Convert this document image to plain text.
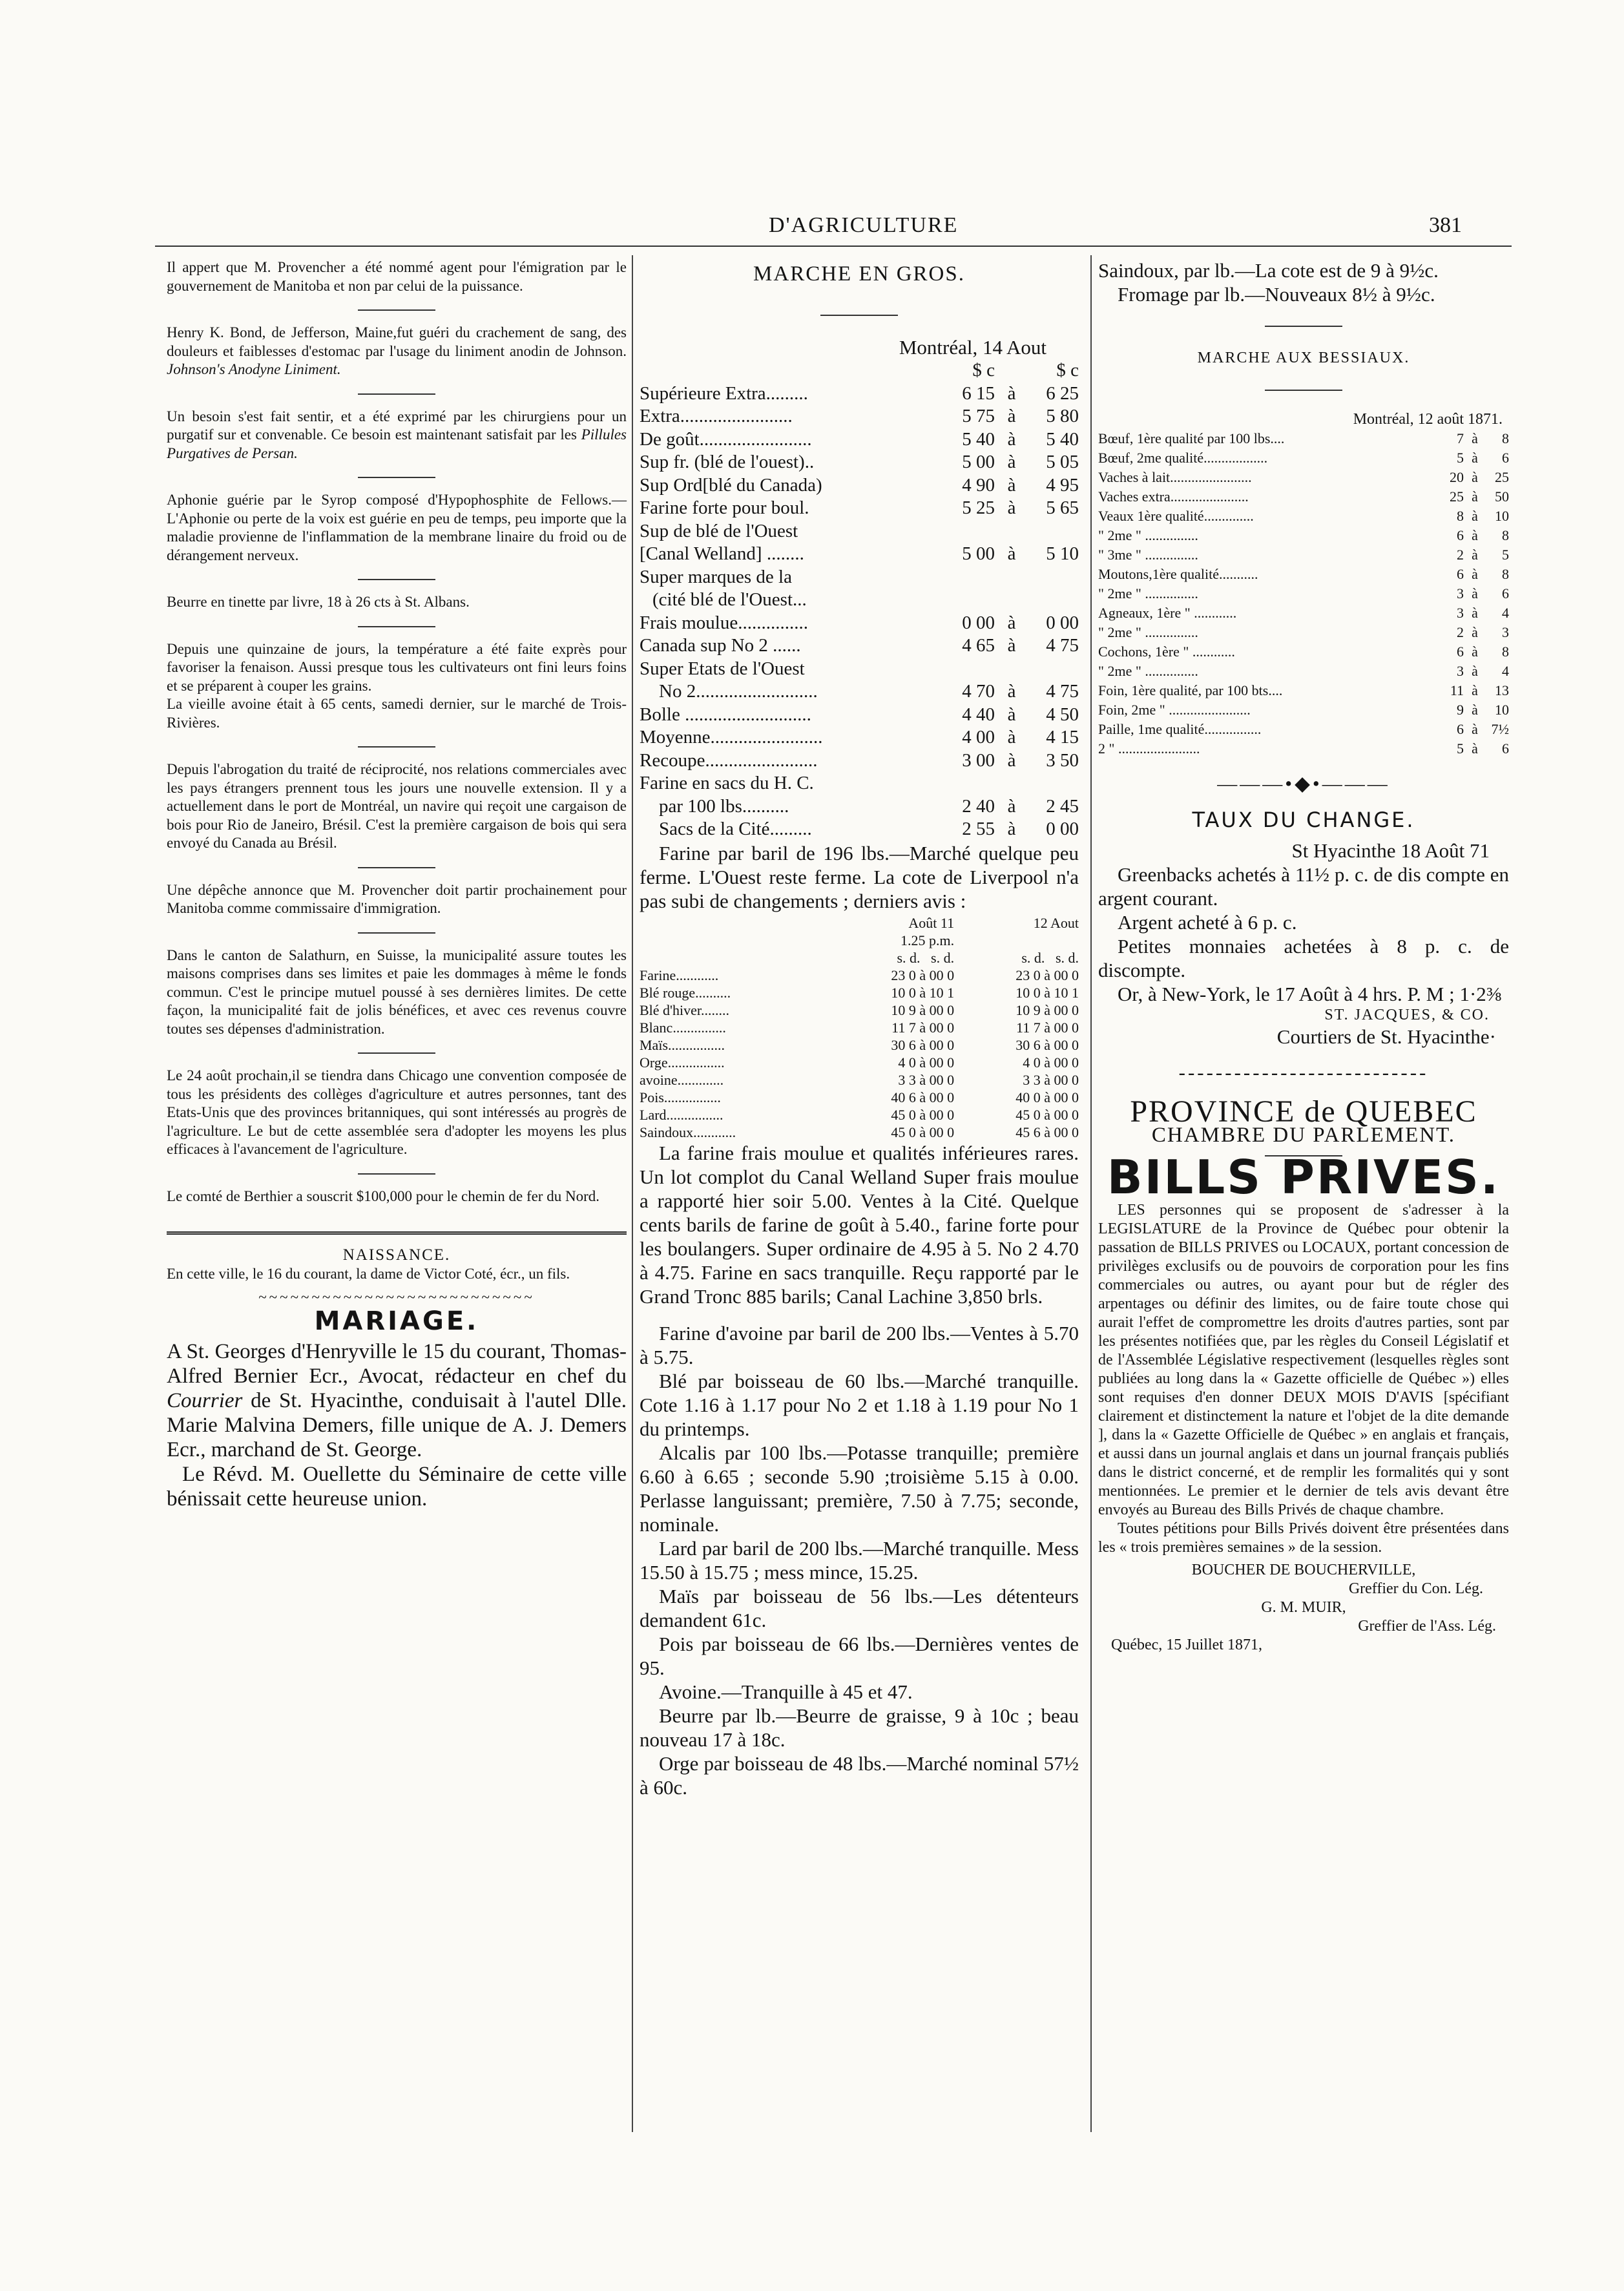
D'AGRICULTURE	381

Il appert que M. Provencher a été nommé agent pour l'émigration par le gouvernement de Manitoba et non par celui de la puissance.

Henry K. Bond, de Jefferson, Maine,fut guéri du crachement de sang, des douleurs et faiblesses d'estomac par l'usage du liniment anodin de Johnson. Johnson's Anodyne Liniment.

Un besoin s'est fait sentir, et a été exprimé par les chirurgiens pour un purgatif sur et convenable. Ce besoin est maintenant satisfait par les Pillules Purgatives de Persan.

Aphonie guérie par le Syrop composé d'Hypophosphite de Fellows.—L'Aphonie ou perte de la voix est guérie en peu de temps, peu importe que la maladie provienne de l'inflammation de la membrane linaire du froid ou de dérangement nerveux.

Beurre en tinette par livre, 18 à 26 cts à St. Albans.

Depuis une quinzaine de jours, la température a été faite exprès pour favoriser la fenaison. Aussi presque tous les cultivateurs ont fini leurs foins et se préparent à couper les grains.

La vieille avoine était à 65 cents, samedi dernier, sur le marché de Trois-Rivières.

Depuis l'abrogation du traité de réciprocité, nos relations commerciales avec les pays étrangers prennent tous les jours une nouvelle extension. Il y a actuellement dans le port de Montréal, un navire qui reçoit une cargaison de bois pour Rio de Janeiro, Brésil. C'est la première cargaison de bois qui sera envoyé du Canada au Brésil.

Une dépêche annonce que M. Provencher doit partir prochainement pour Manitoba comme commissaire d'immigration.

Dans le canton de Salathurn, en Suisse, la municipalité assure toutes les maisons comprises dans ses limites et paie les dommages à même le fonds commun. C'est le principe mutuel poussé à ses dernières limites. De cette façon, la municipalité fait de jolis bénéfices, et avec ces revenus couvre toutes ses dépenses d'administration.

Le 24 août prochain,il se tiendra dans Chicago une convention composée de tous les présidents des collèges d'agriculture et autres personnes, tant des Etats-Unis que des provinces britanniques, qui sont intéressés au progrès de l'agriculture. Le but de cette assemblée sera d'adopter les moyens les plus efficaces à l'avancement de l'agriculture.

Le comté de Berthier a souscrit $100,000 pour le chemin de fer du Nord.

NAISSANCE.

En cette ville, le 16 du courant, la dame de Victor Coté, écr., un fils.

~~~~~~~~~~~~~~~~~~~~~~~~~~
MARIAGE.

A St. Georges d'Henryville le 15 du courant, Thomas-Alfred Bernier Ecr., Avocat, rédacteur en chef du Courrier de St. Hyacinthe, conduisait à l'autel Dlle. Marie Malvina Demers, fille unique de A. J. Demers Ecr., marchand de St. George.

Le Révd. M. Ouellette du Séminaire de cette ville bénissait cette heureuse union.

MARCHE EN GROS.
Montréal, 14 Aout
	$ c		$ c
Supérieure Extra.........	6 15	à	6 25
Extra........................	5 75	à	5 80
De goût........................	5 40	à	5 40
Sup fr. (blé de l'ouest)..	5 00	à	5 05
Sup Ord[blé du Canada)	4 90	à	4 95
Farine forte pour boul.	5 25	à	5 65
Sup de blé de l'Ouest			
[Canal Welland] ........	5 00	à	5 10
Super marques de la			
(cité blé de l'Ouest...			
Frais moulue...............	0 00	à	0 00
Canada sup No 2 ......	4 65	à	4 75
Super Etats de l'Ouest			
No 2..........................	4 70	à	4 75
Bolle ...........................	4 40	à	4 50
Moyenne........................	4 00	à	4 15
Recoupe........................	3 00	à	3 50
Farine en sacs du H. C.			
par 100 lbs..........	2 40	à	2 45
Sacs de la Cité.........	2 55	à	0 00

Farine par baril de 196 lbs.—Marché quelque peu ferme. L'Ouest reste ferme. La cote de Liverpool n'a pas subi de changements ; derniers avis :

	Août 11	12 Aout
	1.25 p.m.	
	s. d. s. d.	s. d. s. d.
Farine............	23 0 à 00 0	23 0 à 00 0
Blé rouge..........	10 0 à 10 1	10 0 à 10 1
Blé d'hiver........	10 9 à 00 0	10 9 à 00 0
Blanc...............	11 7 à 00 0	11 7 à 00 0
Maïs................	30 6 à 00 0	30 6 à 00 0
Orge................	4 0 à 00 0	4 0 à 00 0
avoine.............	3 3 à 00 0	3 3 à 00 0
Pois................	40 6 à 00 0	40 0 à 00 0
Lard................	45 0 à 00 0	45 0 à 00 0
Saindoux............	45 0 à 00 0	45 6 à 00 0

La farine frais moulue et qualités inférieures rares. Un lot complot du Canal Welland Super frais moulue a rapporté hier soir 5.00. Ventes à la Cité. Quelque cents barils de farine de goût à 5.40., farine forte pour les boulangers. Super ordinaire de 4.95 à 5. No 2 4.70 à 4.75. Farine en sacs tranquille. Reçu rapporté par le Grand Tronc 885 barils; Canal Lachine 3,850 brls.

Farine d'avoine par baril de 200 lbs.—Ventes à 5.70 à 5.75.

Blé par boisseau de 60 lbs.—Marché tranquille. Cote 1.16 à 1.17 pour No 2 et 1.18 à 1.19 pour No 1 du printemps.

Alcalis par 100 lbs.—Potasse tranquille; première 6.60 à 6.65 ; seconde 5.90 ;troisième 5.15 à 0.00. Perlasse languissant; première, 7.50 à 7.75; seconde, nominale.

Lard par baril de 200 lbs.—Marché tranquille. Mess 15.50 à 15.75 ; mess mince, 15.25.

Maïs par boisseau de 56 lbs.—Les détenteurs demandent 61c.

Pois par boisseau de 66 lbs.—Dernières ventes de 95.

Avoine.—Tranquille à 45 et 47.

Beurre par lb.—Beurre de graisse, 9 à 10c ; beau nouveau 17 à 18c.

Orge par boisseau de 48 lbs.—Marché nominal 57½ à 60c.

Saindoux, par lb.—La cote est de 9 à 9½c.

Fromage par lb.—Nouveaux 8½ à 9½c.

MARCHE AUX BESSIAUX.
Montréal, 12 août 1871.
Bœuf, 1ère qualité par 100 lbs....	7	à	8
Bœuf, 2me qualité..................	5	à	6
Vaches à lait.......................	20	à	25
Vaches extra......................	25	à	50
Veaux 1ère qualité..............	8	à	10
" 2me " ...............	6	à	8
" 3me " ...............	2	à	5
Moutons,1ère qualité...........	6	à	8
" 2me " ...............	3	à	6
Agneaux, 1ère " ............	3	à	4
" 2me " ...............	2	à	3
Cochons, 1ère " ............	6	à	8
" 2me " ...............	3	à	4
Foin, 1ère qualité, par 100 bts....	11	à	13
Foin, 2me " .......................	9	à	10
Paille, 1me qualité................	6	à	7½
2 " .......................	5	à	6
———•◆•———
TAUX DU CHANGE.
St Hyacinthe 18 Août 71

Greenbacks achetés à 11½ p. c. de dis compte en argent courant.

Argent acheté à 6 p. c.

Petites monnaies achetées à 8 p. c. de discompte.

Or, à New-York, le 17 Août à 4 hrs. P. M ; 1·2⅜

ST. JACQUES, & CO.
Courtiers de St. Hyacinthe·
---------------------------
PROVINCE de QUEBEC
CHAMBRE DU PARLEMENT.
BILLS PRIVES.

LES personnes qui se proposent de s'adresser à la LEGISLATURE de la Province de Québec pour obtenir la passation de BILLS PRIVES ou LOCAUX, portant concession de privilèges exclusifs ou de pouvoirs de corporation pour les fins commerciales ou autres, ou ayant pour but de régler des arpentages ou définir des limites, ou de faire toute chose qui aurait l'effet de compromettre les droits d'autres parties, sont par les présentes notifiées que, par les règles du Conseil Législatif et de l'Assemblée Législative respectivement (lesquelles règles sont publiées au long dans la « Gazette officielle de Québec ») elles sont requises d'en donner DEUX MOIS D'AVIS [spécifiant clairement et distinctement la nature et l'objet de la dite demande ], dans la « Gazette Officielle de Québec » en anglais et français, et aussi dans un journal anglais et dans un journal français publiés dans le district concerné, et de remplir les formalités qui y sont mentionnées. Le premier et le dernier de tels avis devant être envoyés au Bureau des Bills Privés de chaque chambre.

Toutes pétitions pour Bills Privés doivent être présentées dans les « trois premières semaines » de la session.

BOUCHER DE BOUCHERVILLE,
Greffier du Con. Lég.
G. M. MUIR,
Greffier de l'Ass. Lég.
Québec, 15 Juillet 1871,
